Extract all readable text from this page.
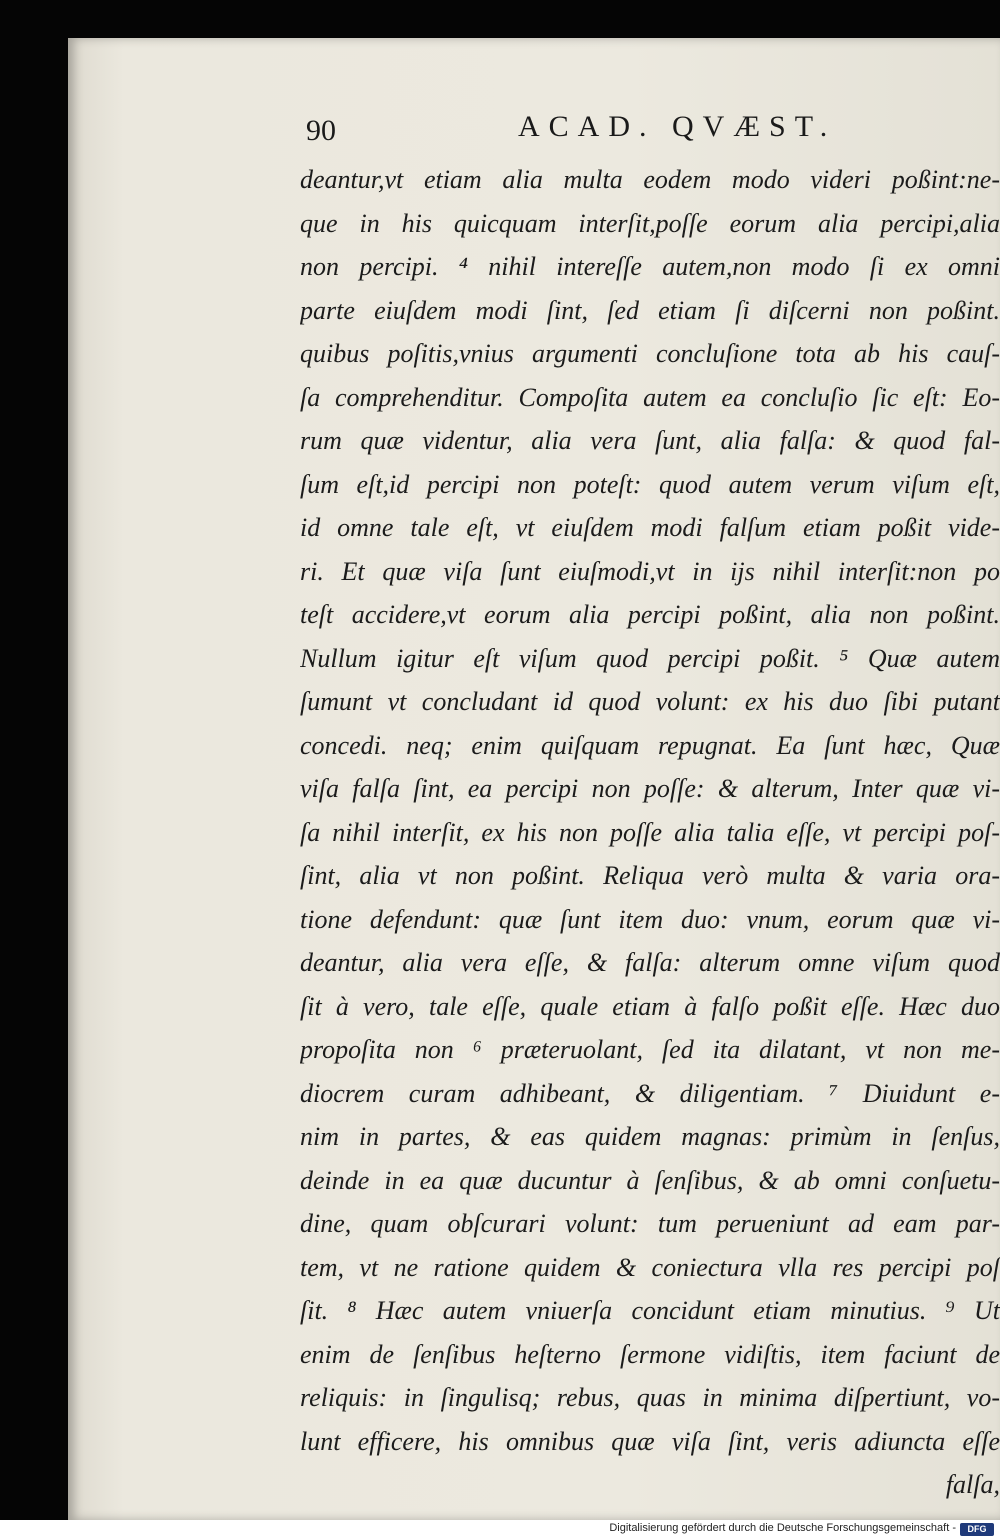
90	ACAD. QVÆST.
deantur,vt etiam alia multa eodem modo videri poßint:ne-
que in his quicquam interſit,poſſe eorum alia percipi,alia
non percipi. ⁴ nihil intereſſe autem,non modo ſi ex omni
parte eiuſdem modi ſint, ſed etiam ſi diſcerni non poßint.
quibus poſitis,vnius argumenti concluſione tota ab his cauſ-
ſa comprehenditur. Compoſita autem ea concluſio ſic eſt: Eo-
rum quæ videntur, alia vera ſunt, alia falſa: & quod fal-
ſum eſt,id percipi non poteſt: quod autem verum viſum eſt,
id omne tale eſt, vt eiuſdem modi falſum etiam poßit vide-
ri. Et quæ viſa ſunt eiuſmodi,vt in ijs nihil interſit:non po
teſt accidere,vt eorum alia percipi poßint, alia non poßint.
Nullum igitur eſt viſum quod percipi poßit. ⁵ Quæ autem
ſumunt vt concludant id quod volunt: ex his duo ſibi putant
concedi. neq; enim quiſquam repugnat. Ea ſunt hæc, Quæ
viſa falſa ſint, ea percipi non poſſe: & alterum, Inter quæ vi-
ſa nihil interſit, ex his non poſſe alia talia eſſe, vt percipi poſ-
ſint, alia vt non poßint. Reliqua verò multa & varia ora-
tione defendunt: quæ ſunt item duo: vnum, eorum quæ vi-
deantur, alia vera eſſe, & falſa: alterum omne viſum quod
ſit à vero, tale eſſe, quale etiam à falſo poßit eſſe. Hæc duo
propoſita non ⁶ præteruolant, ſed ita dilatant, vt non me-
diocrem curam adhibeant, & diligentiam. ⁷ Diuidunt e-
nim in partes, & eas quidem magnas: primùm in ſenſus,
deinde in ea quæ ducuntur à ſenſibus, & ab omni conſuetu-
dine, quam obſcurari volunt: tum perueniunt ad eam par-
tem, vt ne ratione quidem & coniectura vlla res percipi poſ
ſit. ⁸ Hæc autem vniuerſa concidunt etiam minutius. ⁹ Ut
enim de ſenſibus heſterno ſermone vidiſtis, item faciunt de
reliquis: in ſingulisq; rebus, quas in minima diſpertiunt, vo-
lunt efficere, his omnibus quæ viſa ſint, veris adiuncta eſſe
falſa,
Digitalisierung gefördert durch die Deutsche Forschungsgemeinschaft -	DFG
